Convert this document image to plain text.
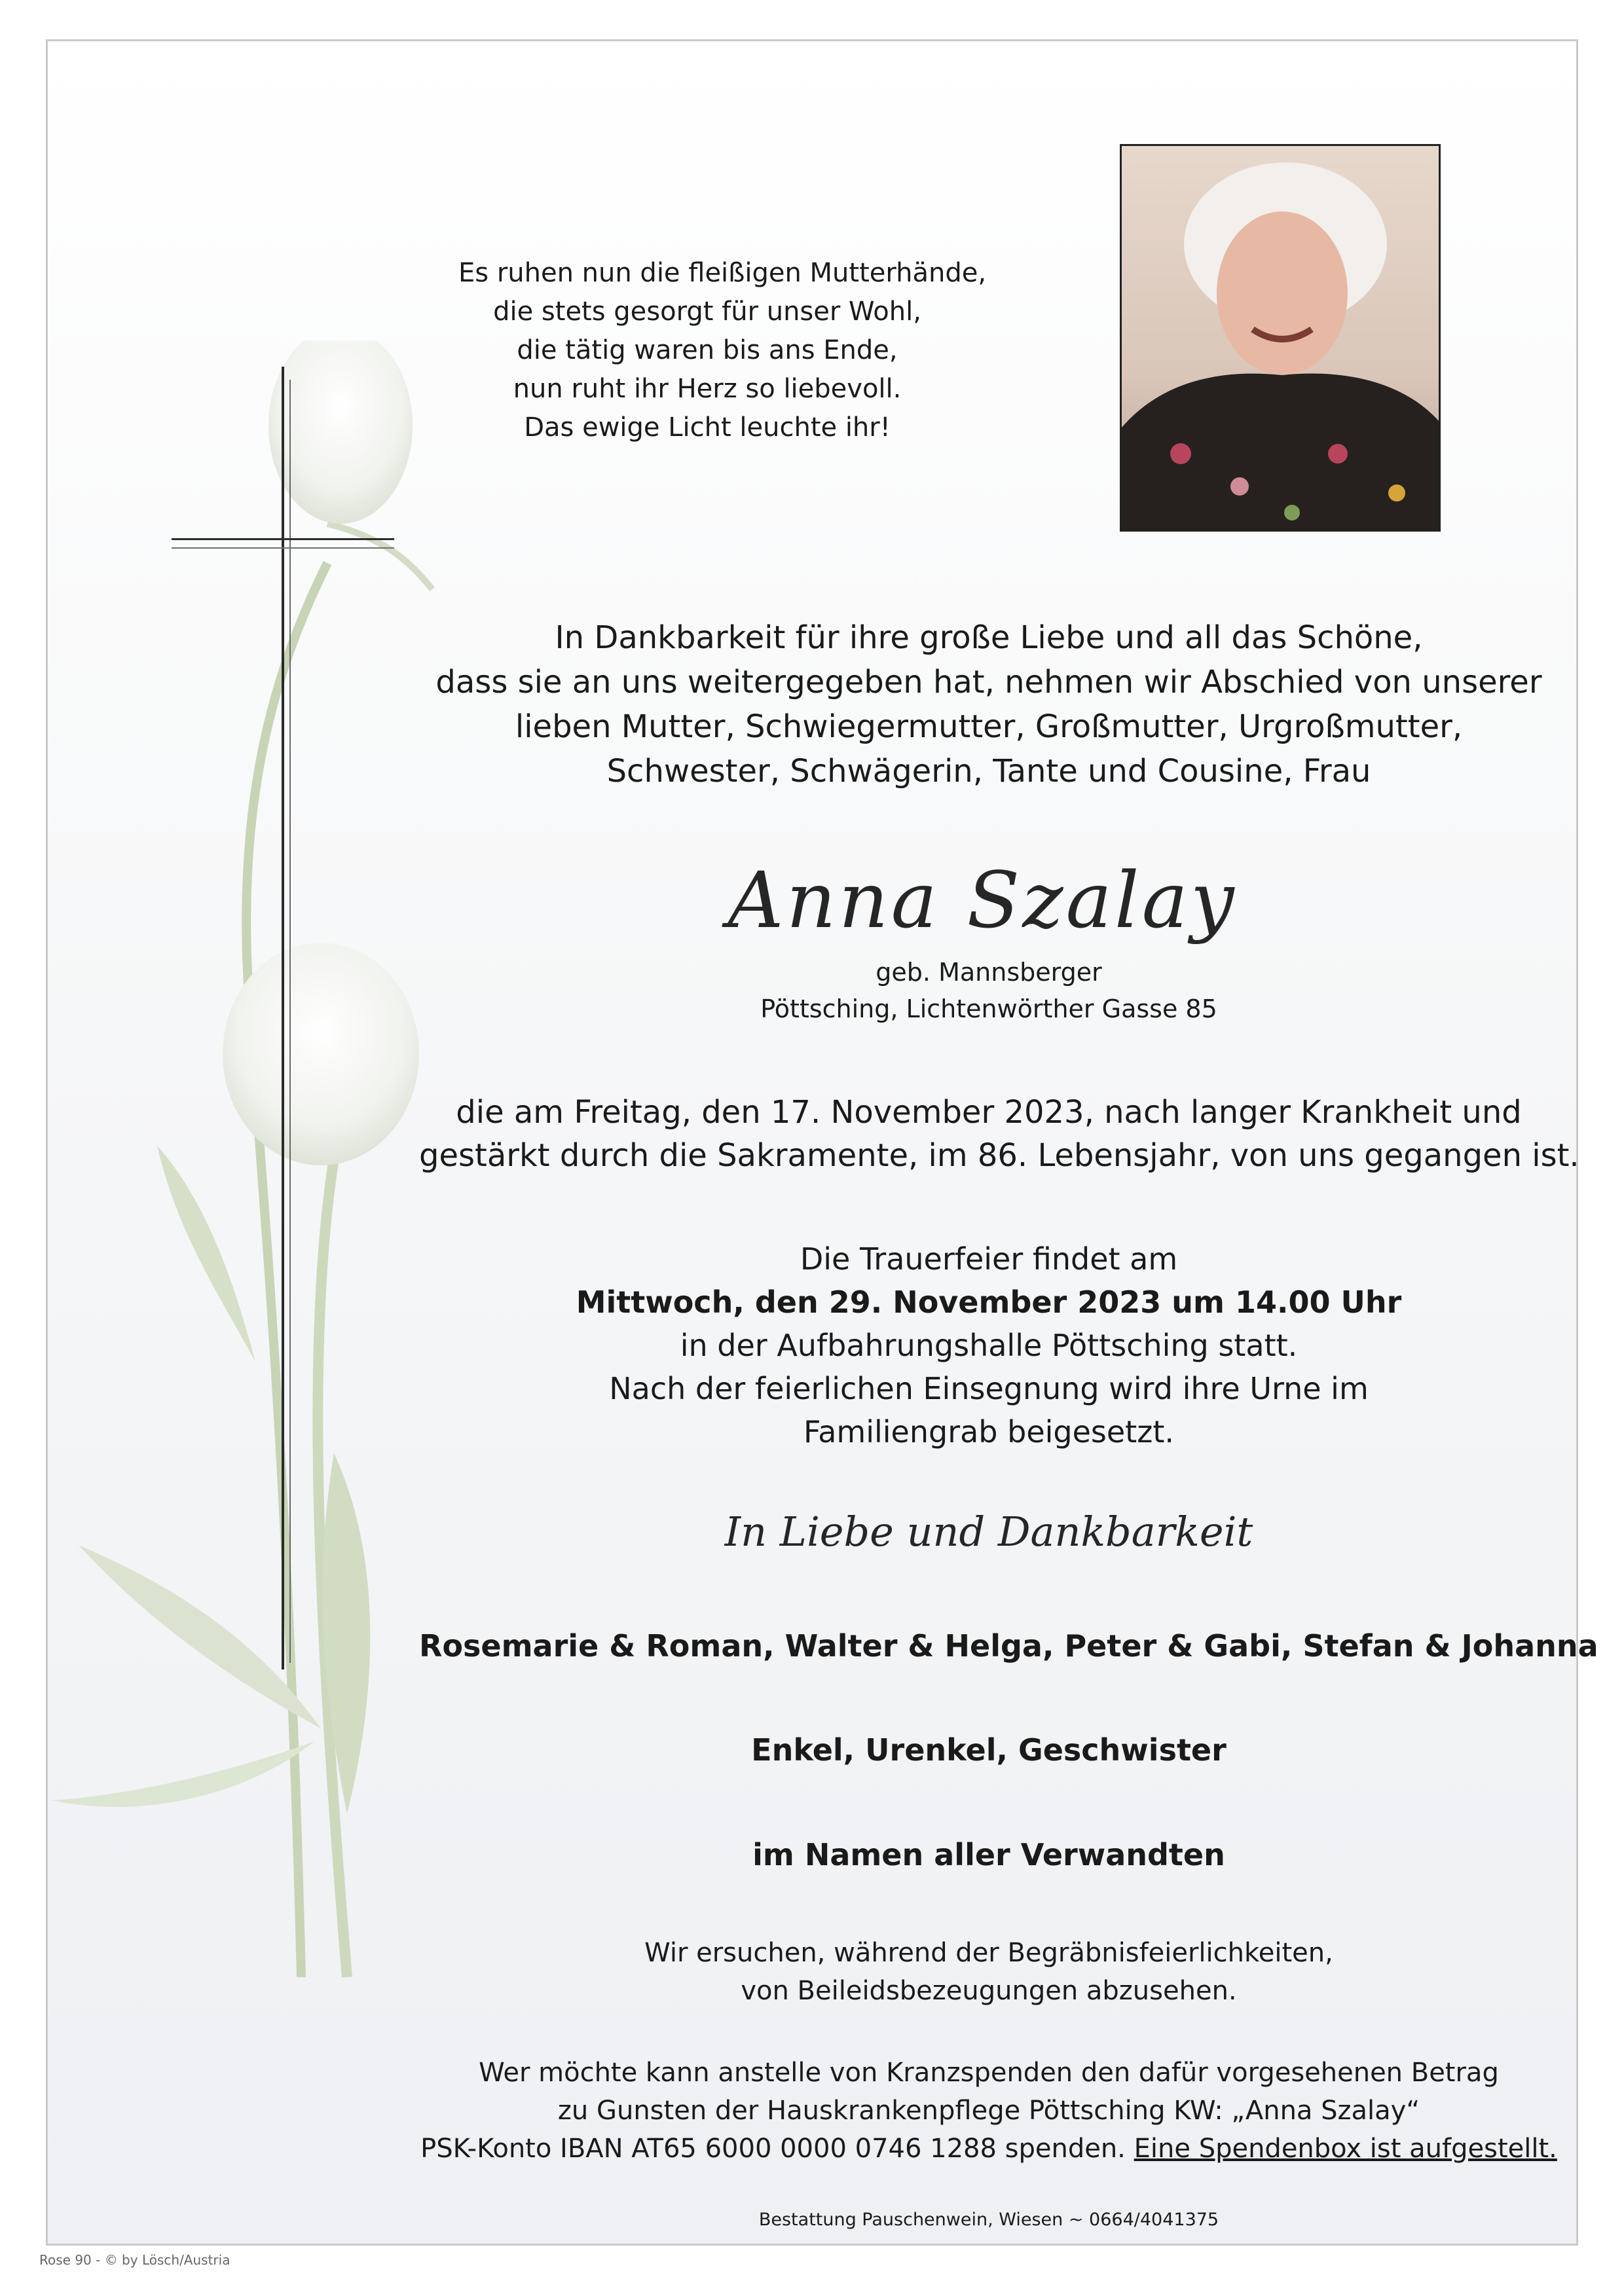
Es ruhen nun die fleißigen Mutterhände,
die stets gesorgt für unser Wohl,
die tätig waren bis ans Ende,
nun ruht ihr Herz so liebevoll.
Das ewige Licht leuchte ihr!
In Dankbarkeit für ihre große Liebe und all das Schöne,
dass sie an uns weitergegeben hat, nehmen wir Abschied von unserer
lieben Mutter, Schwiegermutter, Großmutter, Urgroßmutter,
Schwester, Schwägerin, Tante und Cousine, Frau
Anna Szalay
geb. Mannsberger
Pöttsching, Lichtenwörther Gasse 85
die am Freitag, den 17. November 2023, nach langer Krankheit und
gestärkt durch die Sakramente, im 86. Lebensjahr, von uns gegangen ist.
Die Trauerfeier findet am
Mittwoch, den 29. November 2023 um 14.00 Uhr
in der Aufbahrungshalle Pöttsching statt.
Nach der feierlichen Einsegnung wird ihre Urne im
Familiengrab beigesetzt.
In Liebe und Dankbarkeit
Rosemarie & Roman, Walter & Helga, Peter & Gabi, Stefan & Johanna
Enkel, Urenkel, Geschwister
im Namen aller Verwandten
Wir ersuchen, während der Begräbnisfeierlichkeiten,
von Beileidsbezeugungen abzusehen.
Wer möchte kann anstelle von Kranzspenden den dafür vorgesehenen Betrag
zu Gunsten der Hauskrankenpflege Pöttsching KW: „Anna Szalay“
PSK-Konto IBAN AT65 6000 0000 0746 1288 spenden. Eine Spendenbox ist aufgestellt.
Bestattung Pauschenwein, Wiesen ~ 0664/4041375
Rose 90 - © by Lösch/Austria
